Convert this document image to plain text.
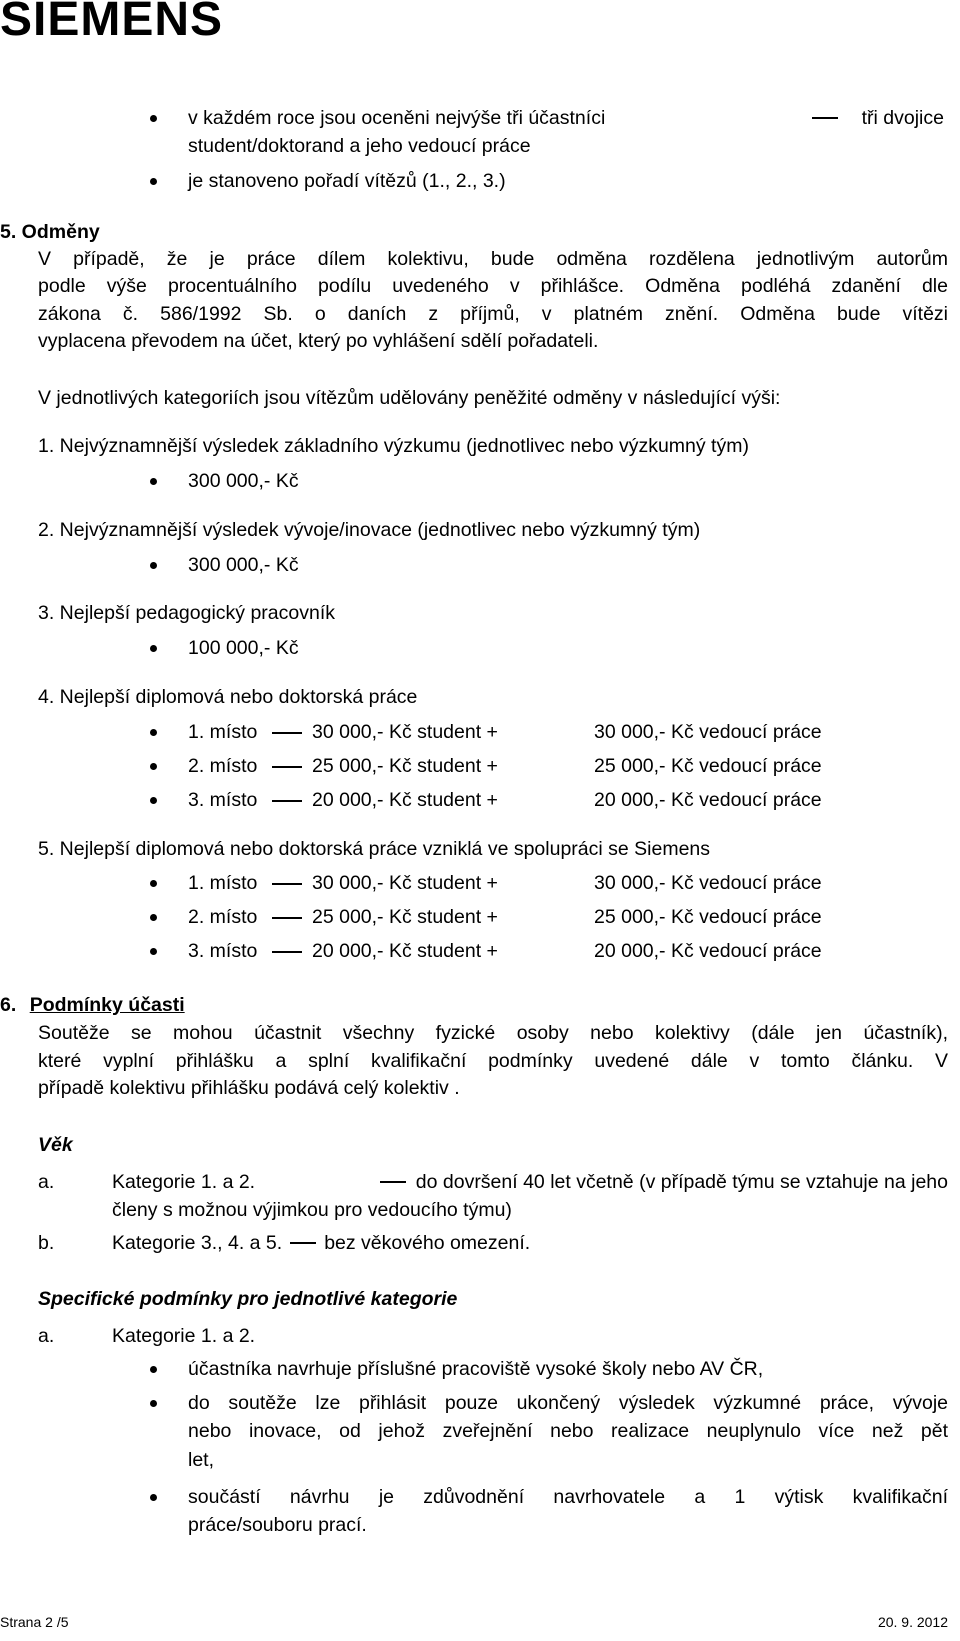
SIEMENS
v každém roce jsou oceněni nejvýše tři účastníci	tři dvojice
student/doktorand a jeho vedoucí práce
je stanoveno pořadí vítězů (1., 2., 3.)
5. Odměny
V případě, že je práce dílem kolektivu, bude odměna rozdělena jednotlivým autorům
podle výše procentuálního podílu uvedeného v přihlášce. Odměna podléhá zdanění dle
zákona č. 586/1992 Sb. o daních z příjmů, v platném znění. Odměna bude vítězi
vyplacena převodem na účet, který po vyhlášení sdělí pořadateli.
V jednotlivých kategoriích jsou vítězům udělovány peněžité odměny v následující výši:
1. Nejvýznamnější výsledek základního výzkumu (jednotlivec nebo výzkumný tým)
300 000,- Kč
2. Nejvýznamnější výsledek vývoje/inovace (jednotlivec nebo výzkumný tým)
300 000,- Kč
3. Nejlepší pedagogický pracovník
100 000,- Kč
4. Nejlepší diplomová nebo doktorská práce
1. místo	30 000,- Kč student +	30 000,- Kč vedoucí práce
2. místo	25 000,- Kč student +	25 000,- Kč vedoucí práce
3. místo	20 000,- Kč student +	20 000,- Kč vedoucí práce
5. Nejlepší diplomová nebo doktorská práce vzniklá ve spolupráci se Siemens
1. místo	30 000,- Kč student +	30 000,- Kč vedoucí práce
2. místo	25 000,- Kč student +	25 000,- Kč vedoucí práce
3. místo	20 000,- Kč student +	20 000,- Kč vedoucí práce
6. Podmínky účasti
Soutěže se mohou účastnit všechny fyzické osoby nebo kolektivy (dále jen účastník),
které vyplní přihlášku a splní kvalifikační podmínky uvedené dále v tomto článku. V
případě kolektivu přihlášku podává celý kolektiv .
Věk
a.	Kategorie 1. a 2.	do dovršení 40 let včetně (v případě týmu se vztahuje na jeho
členy s možnou výjimkou pro vedoucího týmu)
b.	Kategorie 3., 4. a 5. bez věkového omezení.
Specifické podmínky pro jednotlivé kategorie
a.	Kategorie 1. a 2.
účastníka navrhuje příslušné pracoviště vysoké školy nebo AV ČR,
do soutěže lze přihlásit pouze ukončený výsledek výzkumné práce, vývoje
nebo inovace, od jehož zveřejnění nebo realizace neuplynulo více než pět
let,
součástí návrhu je zdůvodnění navrhovatele a 1 výtisk kvalifikační
práce/souboru prací.
Strana 2 /5	20. 9. 2012
